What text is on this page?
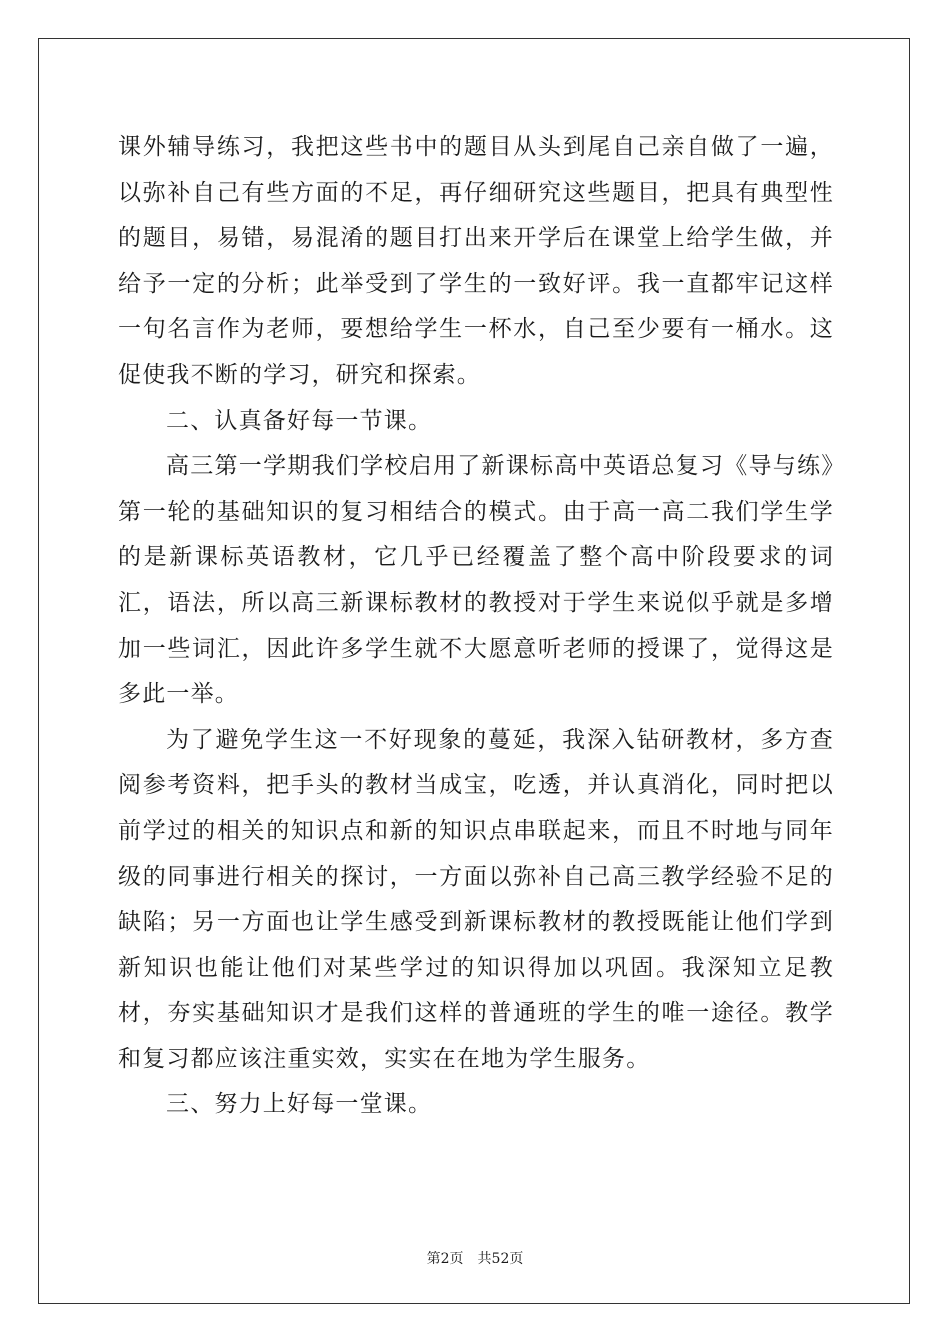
课外辅导练习，我把这些书中的题目从头到尾自己亲自做了一遍，以弥补自己有些方面的不足，再仔细研究这些题目，把具有典型性的题目，易错，易混淆的题目打出来开学后在课堂上给学生做，并给予一定的分析；此举受到了学生的一致好评。我一直都牢记这样一句名言作为老师，要想给学生一杯水，自己至少要有一桶水。这促使我不断的学习，研究和探索。

二、认真备好每一节课。

高三第一学期我们学校启用了新课标高中英语总复习《导与练》第一轮的基础知识的复习相结合的模式。由于高一高二我们学生学的是新课标英语教材，它几乎已经覆盖了整个高中阶段要求的词汇，语法，所以高三新课标教材的教授对于学生来说似乎就是多增加一些词汇，因此许多学生就不大愿意听老师的授课了，觉得这是多此一举。

为了避免学生这一不好现象的蔓延，我深入钻研教材，多方查阅参考资料，把手头的教材当成宝，吃透，并认真消化，同时把以前学过的相关的知识点和新的知识点串联起来，而且不时地与同年级的同事进行相关的探讨，一方面以弥补自己高三教学经验不足的缺陷；另一方面也让学生感受到新课标教材的教授既能让他们学到新知识也能让他们对某些学过的知识得加以巩固。我深知立足教材，夯实基础知识才是我们这样的普通班的学生的唯一途径。教学和复习都应该注重实效，实实在在地为学生服务。

三、努力上好每一堂课。

第2页 共52页
